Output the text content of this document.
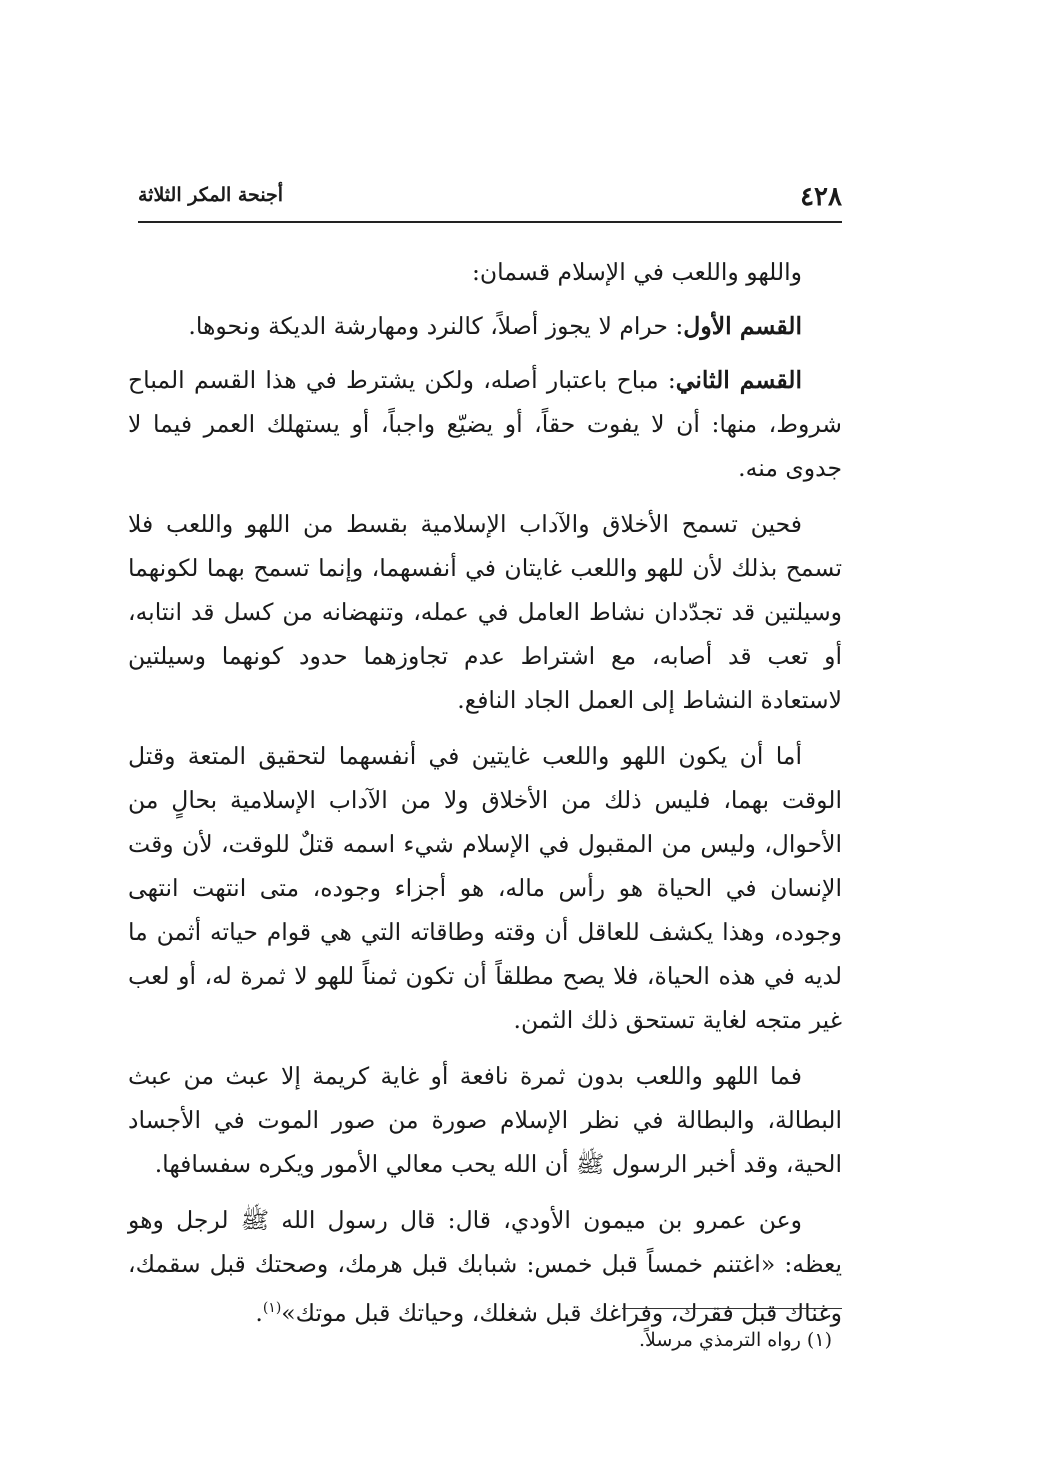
٤٢٨
أجنحة المكر الثلاثة

واللهو واللعب في الإسلام قسمان:

القسم الأول: حرام لا يجوز أصلاً، كالنرد ومهارشة الديكة ونحوها.

القسم الثاني: مباح باعتبار أصله، ولكن يشترط في هذا القسم المباح شروط، منها: أن لا يفوت حقاً، أو يضيّع واجباً، أو يستهلك العمر فيما لا جدوى منه.

فحين تسمح الأخلاق والآداب الإسلامية بقسط من اللهو واللعب فلا تسمح بذلك لأن للهو واللعب غايتان في أنفسهما، وإنما تسمح بهما لكونهما وسيلتين قد تجدّدان نشاط العامل في عمله، وتنهضانه من كسل قد انتابه، أو تعب قد أصابه، مع اشتراط عدم تجاوزهما حدود كونهما وسيلتين لاستعادة النشاط إلى العمل الجاد النافع.

أما أن يكون اللهو واللعب غايتين في أنفسهما لتحقيق المتعة وقتل الوقت بهما، فليس ذلك من الأخلاق ولا من الآداب الإسلامية بحالٍ من الأحوال، وليس من المقبول في الإسلام شيء اسمه قتلٌ للوقت، لأن وقت الإنسان في الحياة هو رأس ماله، هو أجزاء وجوده، متى انتهت انتهى وجوده، وهذا يكشف للعاقل أن وقته وطاقاته التي هي قوام حياته أثمن ما لديه في هذه الحياة، فلا يصح مطلقاً أن تكون ثمناً للهو لا ثمرة له، أو لعب غير متجه لغاية تستحق ذلك الثمن.

فما اللهو واللعب بدون ثمرة نافعة أو غاية كريمة إلا عبث من عبث البطالة، والبطالة في نظر الإسلام صورة من صور الموت في الأجساد الحية، وقد أخبر الرسول ﷺ أن الله يحب معالي الأمور ويكره سفسافها.

وعن عمرو بن ميمون الأودي، قال: قال رسول الله ﷺ لرجل وهو يعظه: «اغتنم خمساً قبل خمس: شبابك قبل هرمك، وصحتك قبل سقمك، وغناك قبل فقرك، وفراغك قبل شغلك، وحياتك قبل موتك»$^{(١)}$.

(١) رواه الترمذي مرسلاً.
